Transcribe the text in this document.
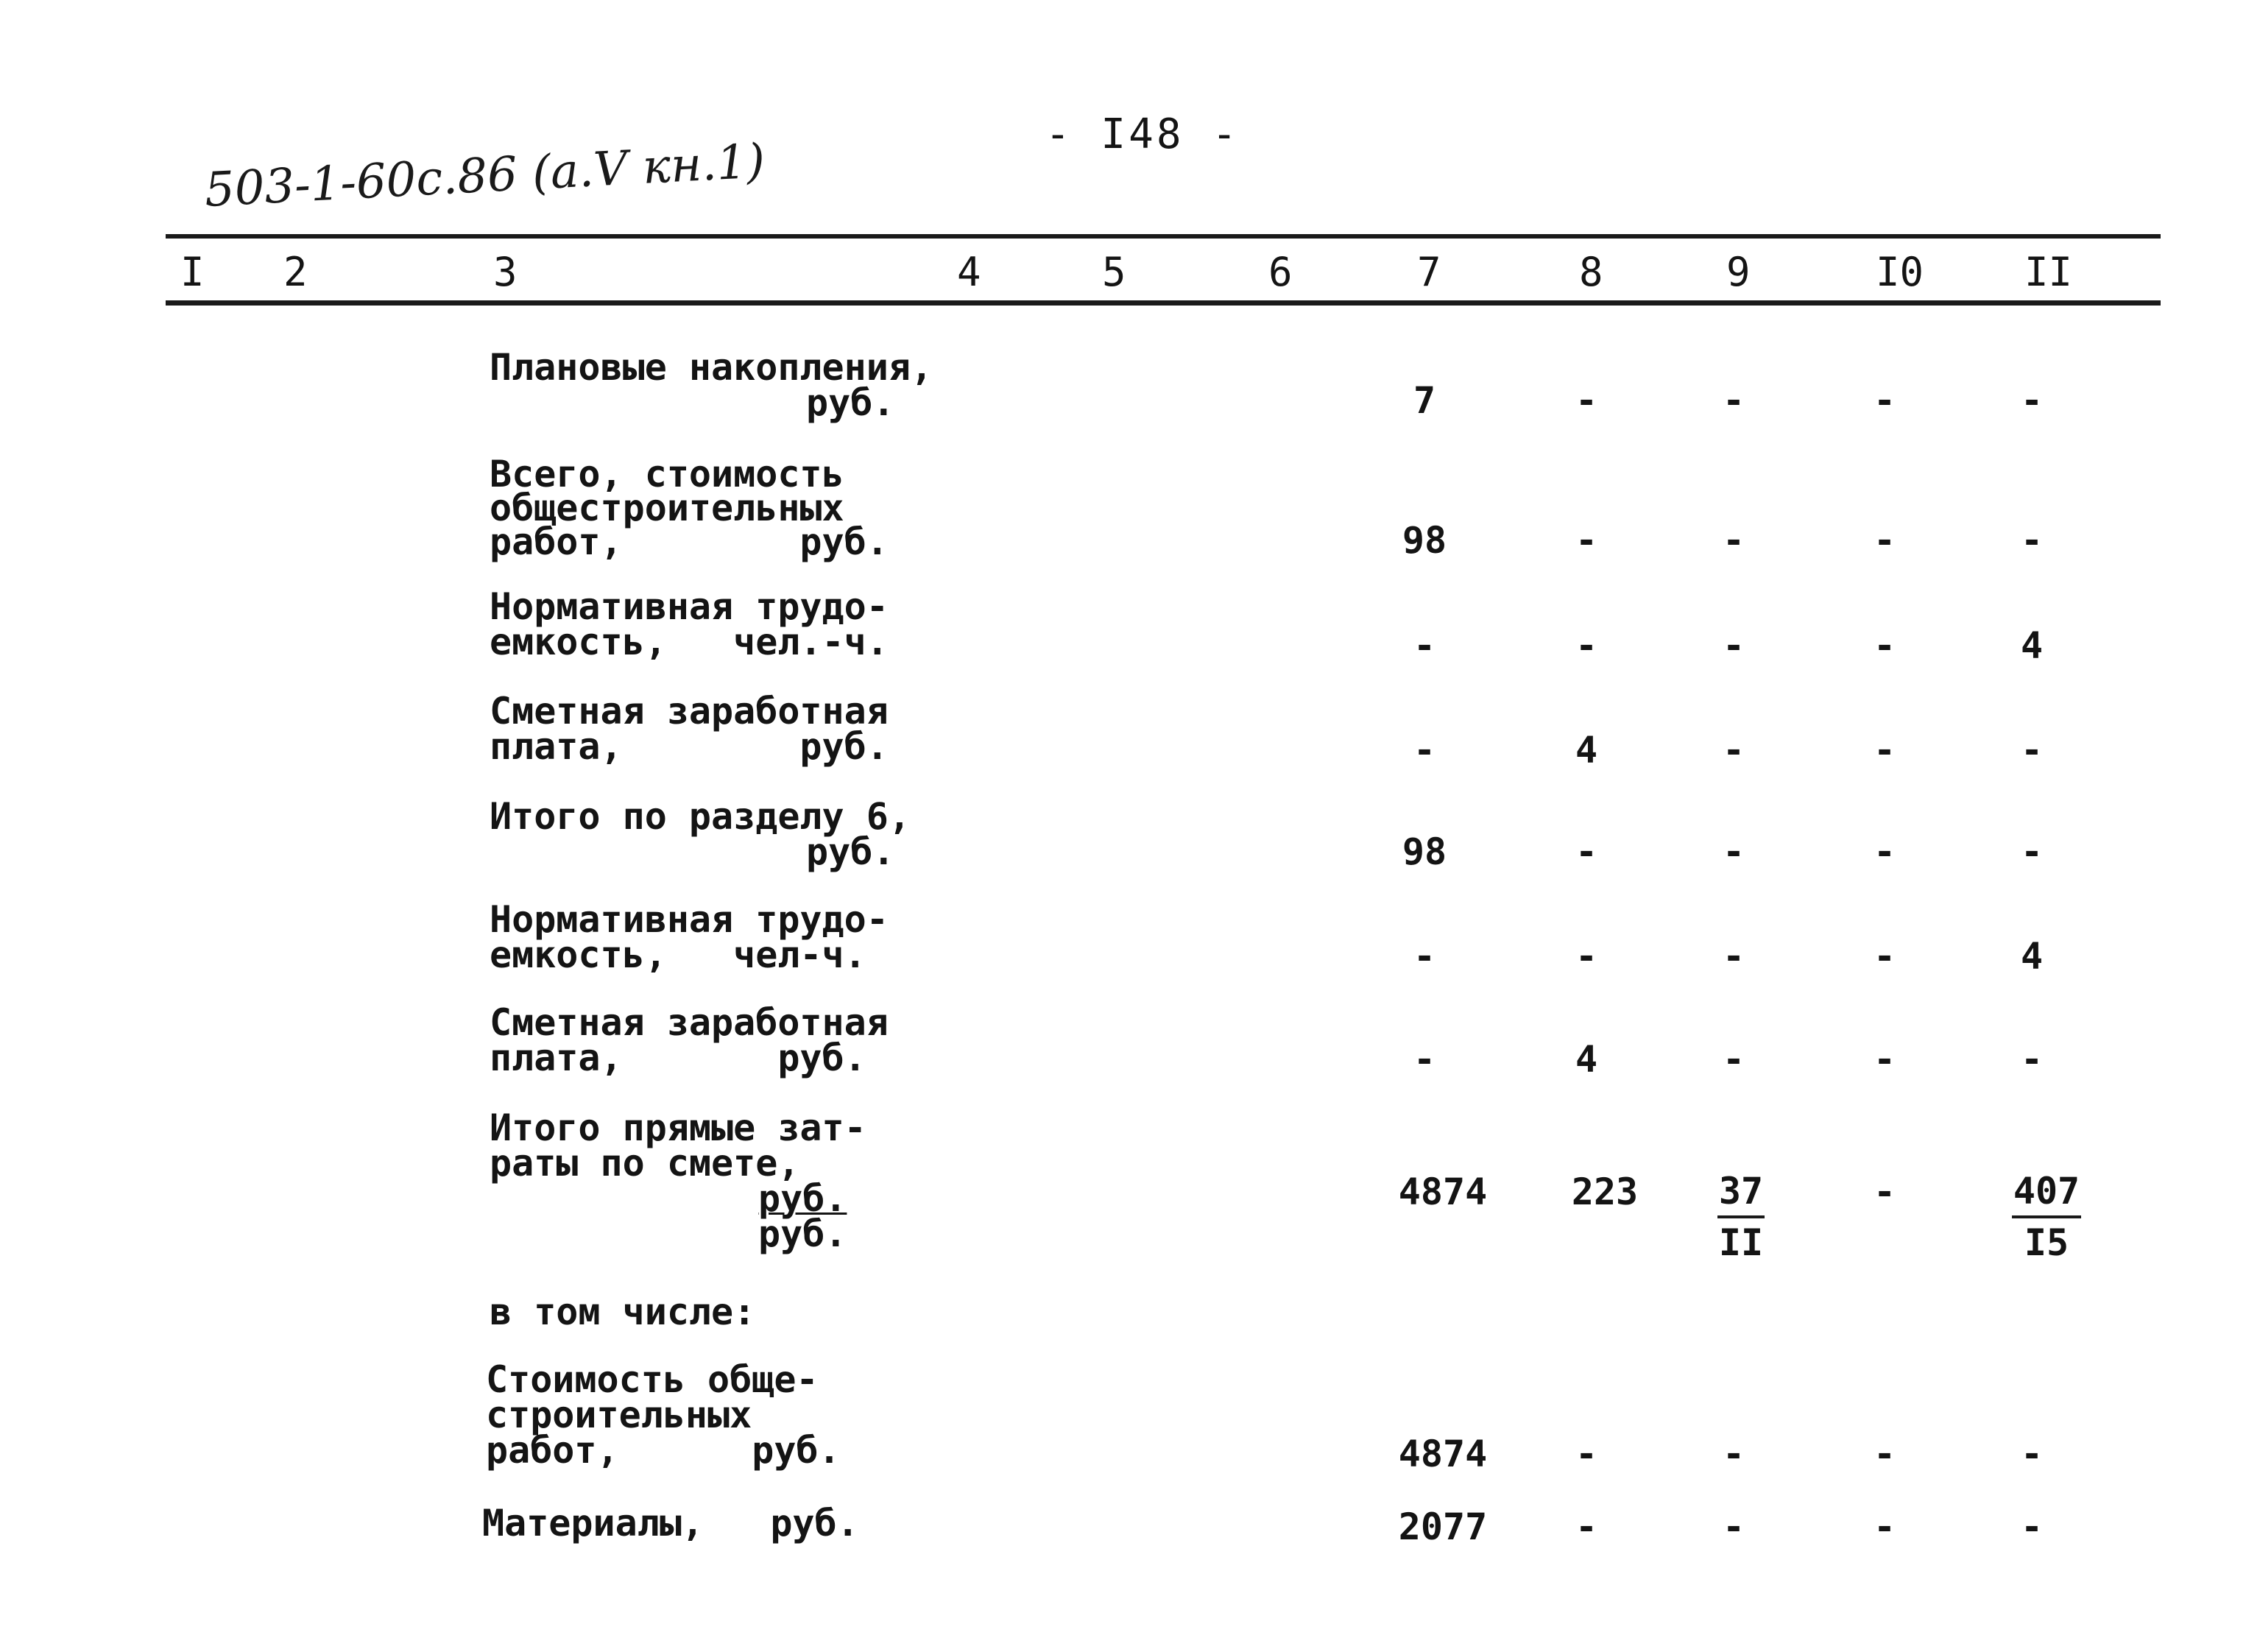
- I48 -
503-1-60с.86 (a.V кн.1)
I 2	3	4	5	6	7	8	9	I0	II
Плановые накопления,
руб.	7	-	-	-	-
Всего, стоимость
общестроительных
работ,        руб.	98	-	-	-	-
Нормативная трудо-
емкость,   чел.-ч.	-	-	-	-	4
Сметная заработная
плата,        руб.	-	4	-	-	-
Итого по разделу 6,
руб.	98	-	-	-	-
Нормативная трудо-
емкость,   чел-ч.	-	-	-	-	4
Сметная заработная
плата,       руб.	-	4	-	-	-
Итого прямые зат-
раты по смете,
руб.
руб.
4874	223	$\frac{37}{II}$	-	$\frac{407}{I5}$
в том числе:
Стоимость обще-
строительных
работ,      руб.	4874	-	-	-	-
Материалы,   руб.	2077	-	-	-	-
